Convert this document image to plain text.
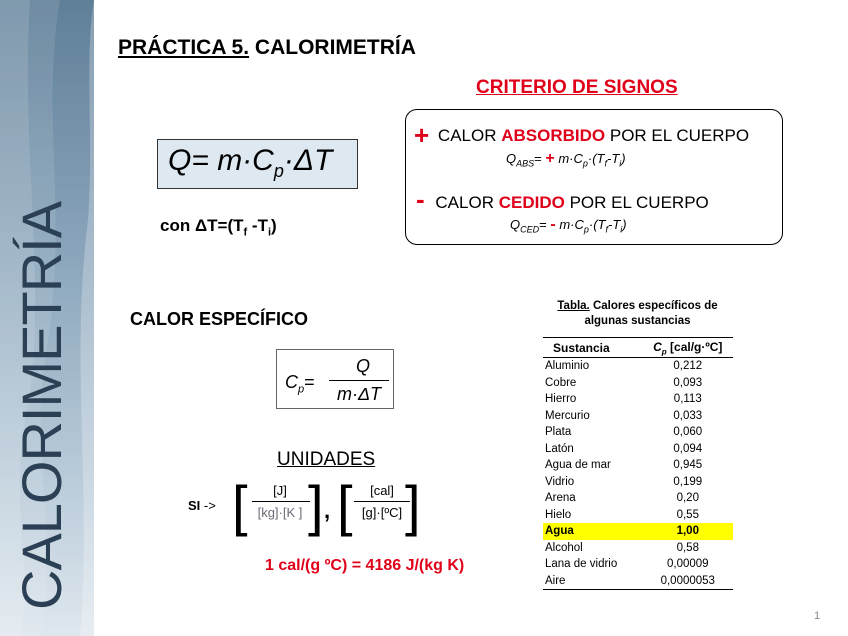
CALORIMETRÍA
PRÁCTICA 5. CALORIMETRÍA
CRITERIO DE SIGNOS
+ CALOR ABSORBIDO POR EL CUERPO
$Q_{ABS}= + m\cdot C_p\cdot(T_f-T_i)$
- CALOR CEDIDO POR EL CUERPO
$Q_{CED}= - m\cdot C_p\cdot(T_f-T_i)$
$Q= m\cdot C_p\cdot\Delta T$
con $\Delta T=(T_f$ $-T_i$)
CALOR ESPECÍFICO
$C_p=$
Q
m·ΔT
UNIDADES
SI -> [	[J]
[kg]·[K ] ] , [	[cal]
[g]·[ºC] ]
1 cal/(g ºC) = 4186 J/(kg K)
Tabla. Calores específicos de algunas sustancias
Sustancia	$C_p$ [cal/g·ºC]
Aluminio	0,212
Cobre	0,093
Hierro	0,113
Mercurio	0,033
Plata	0,060
Latón	0,094
Agua de mar	0,945
Vidrio	0,199
Arena	0,20
Hielo	0,55
Agua	1,00
Alcohol	0,58
Lana de vidrio	0,00009
Aire	0,0000053
1
